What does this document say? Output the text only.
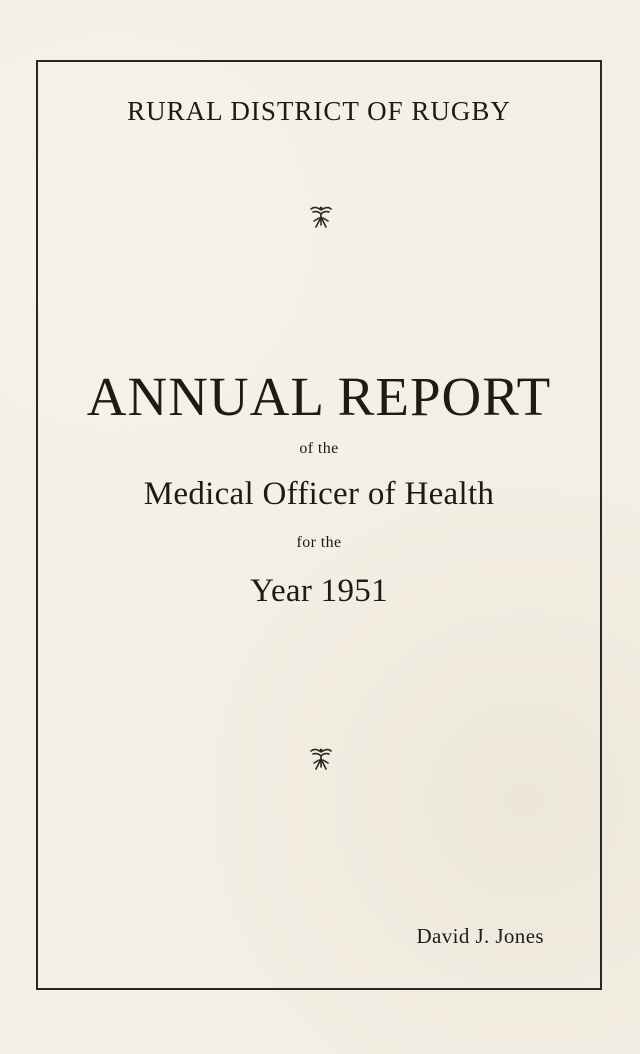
RURAL DISTRICT OF RUGBY
ANNUAL REPORT
of the
Medical Officer of Health
for the
Year 1951
David J. Jones
